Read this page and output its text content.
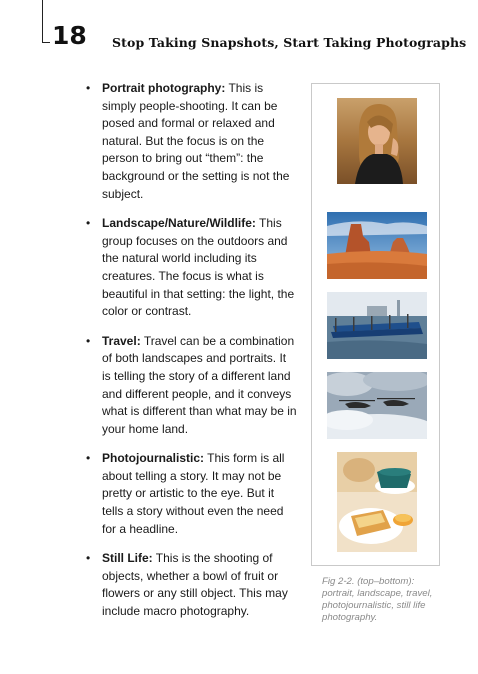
18 Stop Taking Snapshots, Start Taking Photographs
• Portrait photography: This is simply people-shooting. It can be posed and formal or relaxed and natural. But the focus is on the person to bring out “them”: the background or the setting is not the subject.
• Landscape/Nature/Wildlife: This group focuses on the outdoors and the natural world including its creatures. The focus is what is beautiful in that setting: the light, the color or contrast.
• Travel: Travel can be a combination of both landscapes and portraits. It is telling the story of a different land and different people, and it conveys what is different than what may be in your home land.
• Photojournalistic: This form is all about telling a story. It may not be pretty or artistic to the eye. But it tells a story without even the need for a headline.
• Still Life: This is the shooting of objects, whether a bowl of fruit or flowers or any still object. This may include macro photography.
Fig 2-2. (top–bottom): portrait, landscape, travel, photojournalistic, still life photography.
